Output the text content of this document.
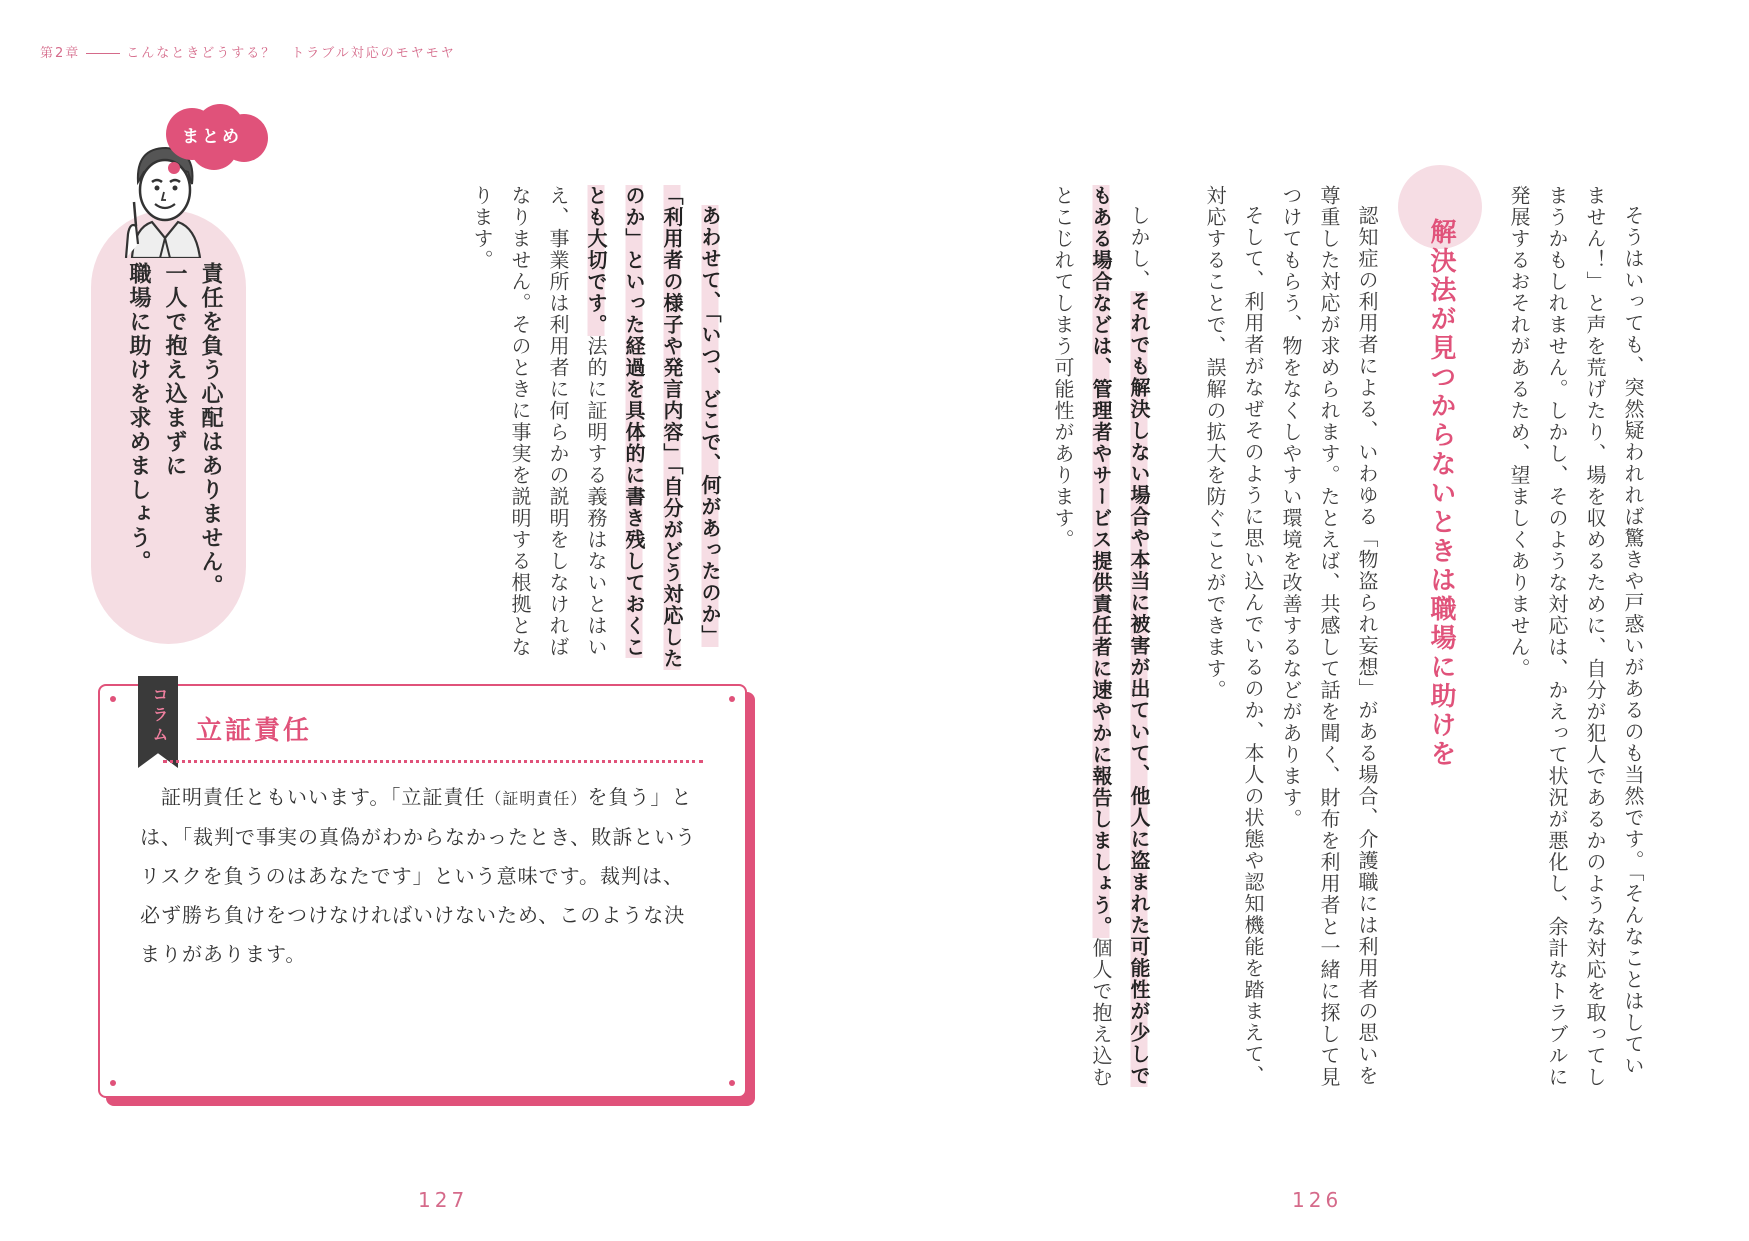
第2章	こんなときどうする？　トラブル対応のモヤモヤ
そうはいっても、突然疑われれば驚きや戸惑いがあるのも当然です。「そんなことはしてい
ません！」と声を荒げたり、場を収めるために、自分が犯人であるかのような対応を取ってし
まうかもしれません。しかし、そのような対応は、かえって状況が悪化し、余計なトラブルに
発展するおそれがあるため、望ましくありません。
解決法が見つからないときは職場に助けを
認知症の利用者による、いわゆる「物盗られ妄想」がある場合、介護職には利用者の思いを
尊重した対応が求められます。たとえば、共感して話を聞く、財布を利用者と一緒に探して見
つけてもらう、物をなくしやすい環境を改善するなどがあります。
そして、利用者がなぜそのように思い込んでいるのか、本人の状態や認知機能を踏まえて、
対応することで、誤解の拡大を防ぐことができます。
しかし、それでも解決しない場合や本当に被害が出ていて、他人に盗まれた可能性が少しで
もある場合などは、管理者やサービス提供責任者に速やかに報告しましょう。個人で抱え込む
とこじれてしまう可能性があります。
126
あわせて、「いつ、どこで、何があったのか」
「利用者の様子や発言内容」「自分がどう対応した
のか」といった経過を具体的に書き残しておくこ
とも大切です。法的に証明する義務はないとはい
え、事業所は利用者に何らかの説明をしなければ
なりません。そのときに事実を説明する根拠とな
ります。
まとめ
責任を負う心配はありません。
一人で抱え込まずに
職場に助けを求めましょう。
コラム 立証責任
　証明責任ともいいます。「立証責任（証明責任）を負う」と
は、「裁判で事実の真偽がわからなかったとき、敗訴という
リスクを負うのはあなたです」という意味です。裁判は、
必ず勝ち負けをつけなければいけないため、このような決
まりがあります。
127
